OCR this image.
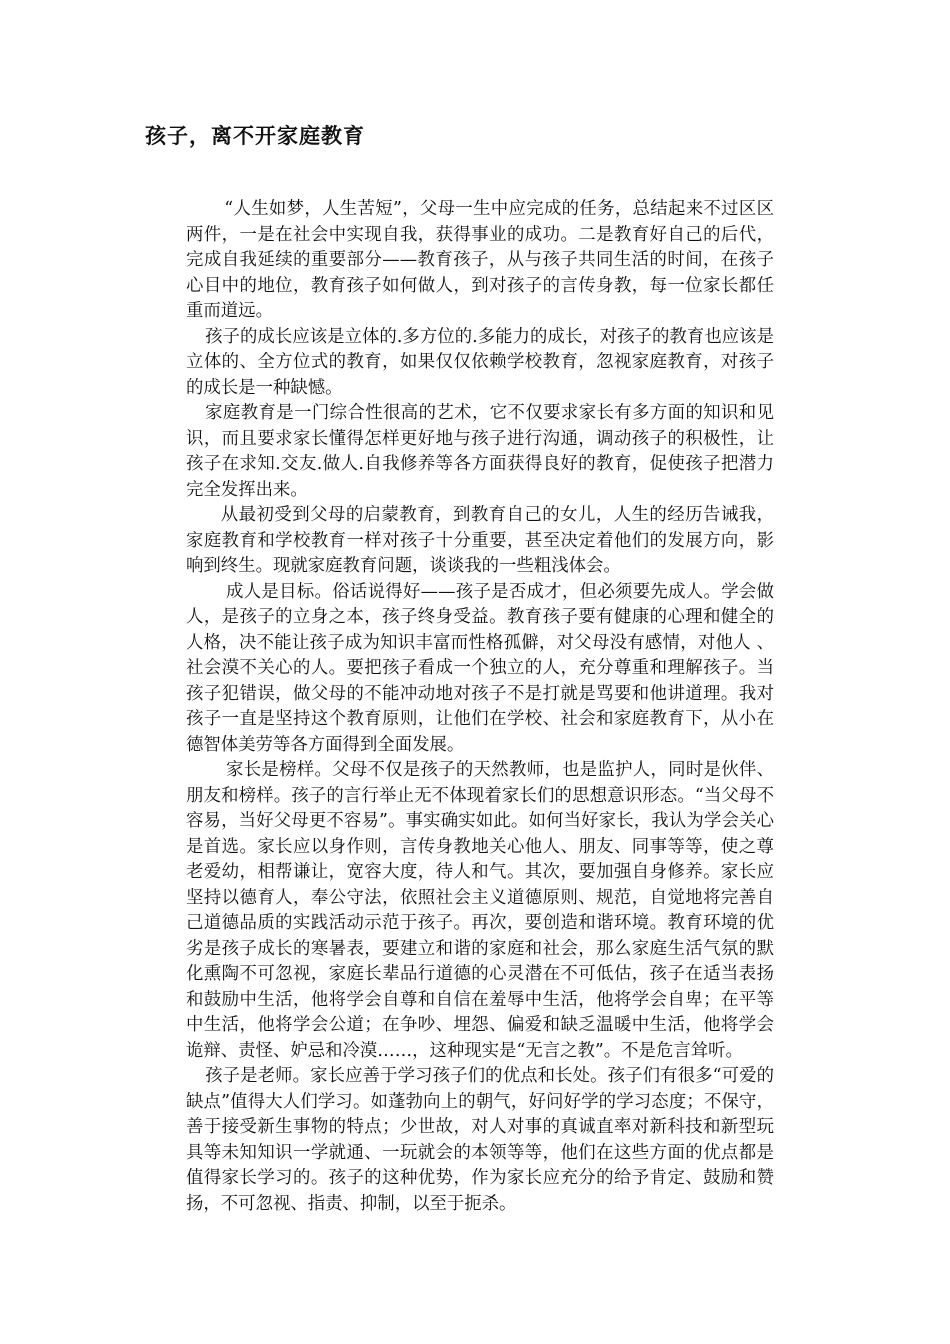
孩子，离不开家庭教育

“人生如梦，人生苦短”，父母一生中应完成的任务，总结起来不过区区两件，一是在社会中实现自我，获得事业的成功。二是教育好自己的后代，完成自我延续的重要部分——教育孩子，从与孩子共同生活的时间，在孩子心目中的地位，教育孩子如何做人，到对孩子的言传身教，每一位家长都任重而道远。

孩子的成长应该是立体的.多方位的.多能力的成长，对孩子的教育也应该是立体的、全方位式的教育，如果仅仅依赖学校教育，忽视家庭教育，对孩子的成长是一种缺憾。

家庭教育是一门综合性很高的艺术，它不仅要求家长有多方面的知识和见识，而且要求家长懂得怎样更好地与孩子进行沟通，调动孩子的积极性，让孩子在求知.交友.做人.自我修养等各方面获得良好的教育，促使孩子把潜力完全发挥出来。

从最初受到父母的启蒙教育，到教育自己的女儿，人生的经历告诫我，家庭教育和学校教育一样对孩子十分重要，甚至决定着他们的发展方向，影响到终生。现就家庭教育问题，谈谈我的一些粗浅体会。

成人是目标。俗话说得好——孩子是否成才，但必须要先成人。学会做人，是孩子的立身之本，孩子终身受益。教育孩子要有健康的心理和健全的人格，决不能让孩子成为知识丰富而性格孤僻，对父母没有感情，对他人 、社会漠不关心的人。要把孩子看成一个独立的人，充分尊重和理解孩子。当孩子犯错误，做父母的不能冲动地对孩子不是打就是骂要和他讲道理。我对孩子一直是坚持这个教育原则，让他们在学校、社会和家庭教育下，从小在德智体美劳等各方面得到全面发展。

家长是榜样。父母不仅是孩子的天然教师，也是监护人，同时是伙伴、朋友和榜样。孩子的言行举止无不体现着家长们的思想意识形态。“当父母不容易，当好父母更不容易”。事实确实如此。如何当好家长，我认为学会关心是首选。家长应以身作则，言传身教地关心他人、朋友、同事等等，使之尊老爱幼，相帮谦让，宽容大度，待人和气。其次，要加强自身修养。家长应坚持以德育人，奉公守法，依照社会主义道德原则、规范，自觉地将完善自己道德品质的实践活动示范于孩子。再次，要创造和谐环境。教育环境的优劣是孩子成长的寒暑表，要建立和谐的家庭和社会，那么家庭生活气氛的默化熏陶不可忽视，家庭长辈品行道德的心灵潜在不可低估，孩子在适当表扬和鼓励中生活，他将学会自尊和自信在羞辱中生活，他将学会自卑；在平等中生活，他将学会公道；在争吵、埋怨、偏爱和缺乏温暖中生活，他将学会诡辩、责怪、妒忌和冷漠……，这种现实是“无言之教”。不是危言耸听。

孩子是老师。家长应善于学习孩子们的优点和长处。孩子们有很多“可爱的缺点”值得大人们学习。如蓬勃向上的朝气，好问好学的学习态度；不保守，善于接受新生事物的特点；少世故，对人对事的真诚直率对新科技和新型玩具等未知知识一学就通、一玩就会的本领等等，他们在这些方面的优点都是值得家长学习的。孩子的这种优势，作为家长应充分的给予肯定、鼓励和赞扬，不可忽视、指责、抑制，以至于扼杀。
